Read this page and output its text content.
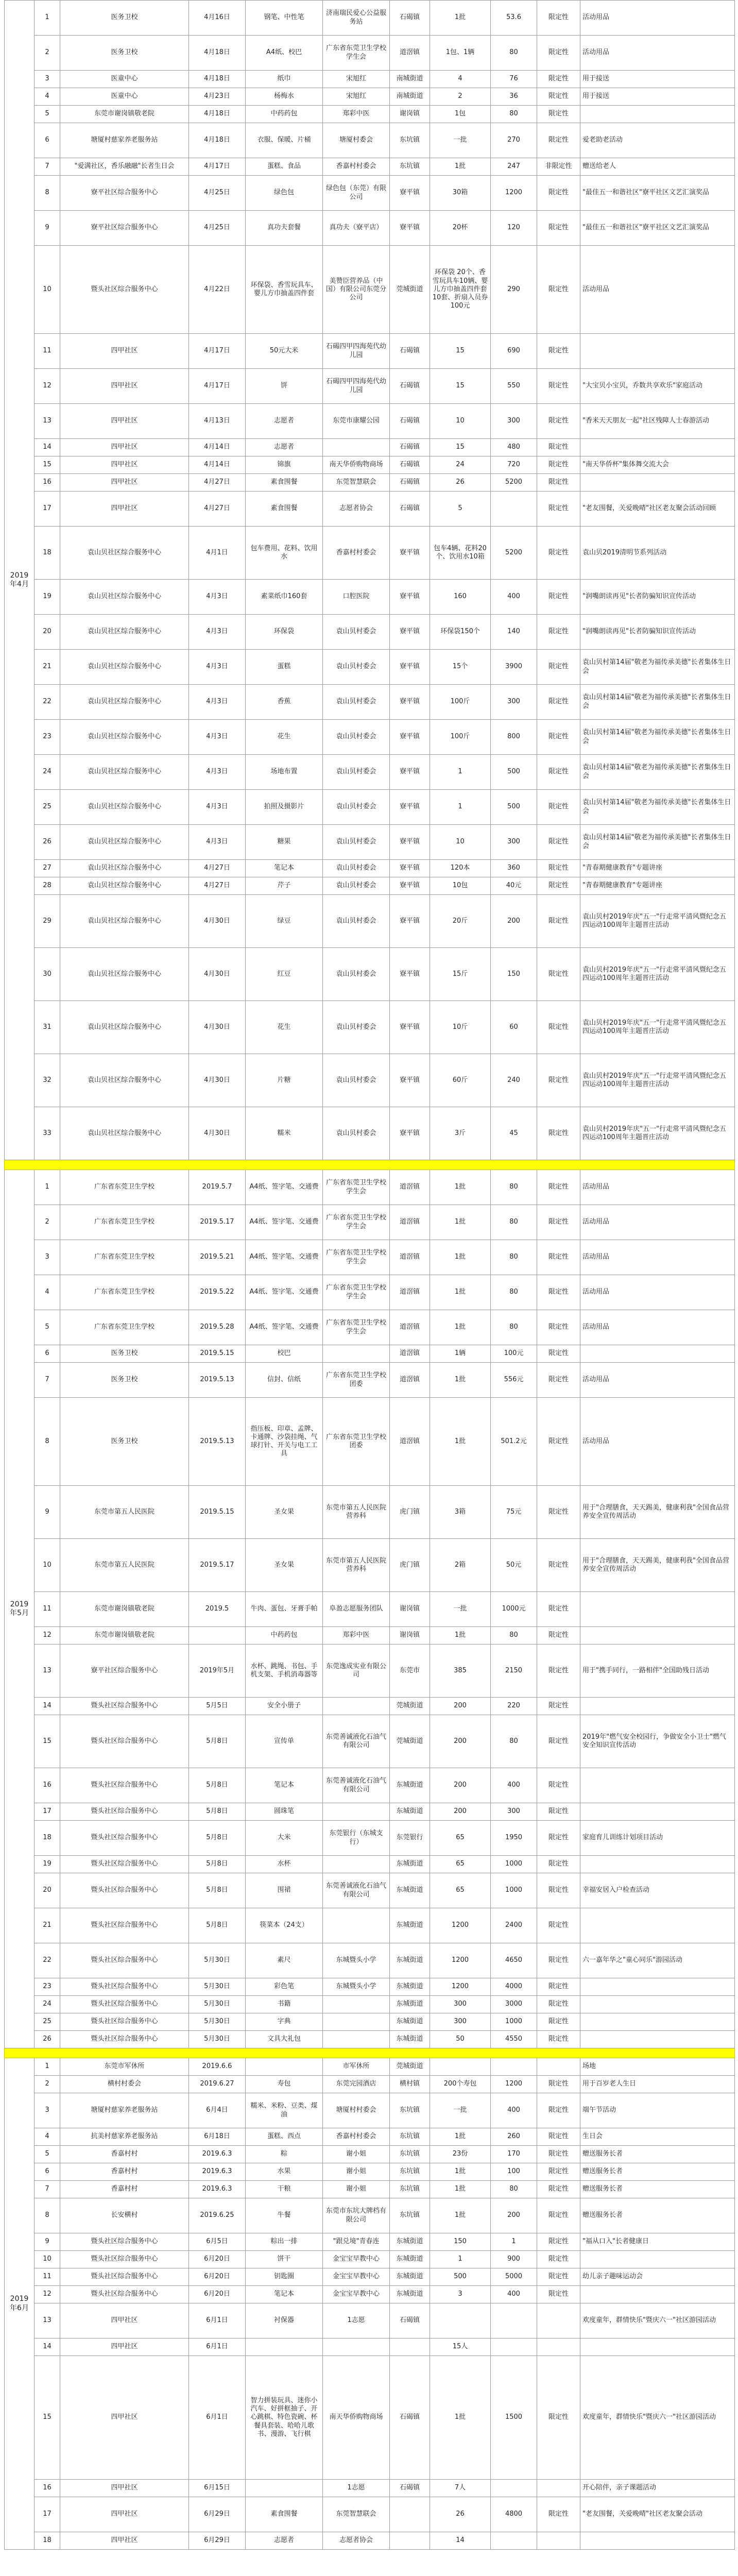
2019年4月	1	医务卫校	4月16日	钢笔、中性笔	济南瑞民爱心公益服务站	石碣镇	1批	53.6	限定性	活动用品
	2	医务卫校	4月18日	A4纸、校巴	广东省东莞卫生学校学生会	道滘镇	1包、1辆	80	限定性	活动用品
	3	医童中心	4月18日	纸巾	宋旭红	南城街道	4	76	限定性	用于接送
	4	医童中心	4月23日	杨梅水	宋旭红	南城街道	2	36	限定性	用于接送
	5	东莞市谢岗镇敬老院	4月18日	中药药包	郑彩中医	谢岗镇	1包	80	限定性	
	6	塘厦村慈家养老服务站	4月18日	衣服、保暖、片桶	塘厦村委会	东坑镇	一批	270	限定性	爱老助老活动
	7	"爱满社区，香乐融融"长者生日会	4月17日	蛋糕、食品	香嘉村村委会	东坑镇	1批	247	非限定性	赠送给老人
	8	寮平社区综合服务中心	4月25日	绿色包	绿色包（东莞）有限公司	寮平镇	30箱	1200	限定性	"最佳五一和谐社区"寮平社区文艺汇演奖品
	9	寮平社区综合服务中心	4月25日	真功夫套餐	真功夫（寮平店）	寮平镇	20杯	120	限定性	"最佳五一和谐社区"寮平社区文艺汇演奖品
	10	暨头社区综合服务中心	4月22日	环保袋、香雪玩具车、婴儿方巾抽盖四件套	美赞臣营养品（中国）有限公司东莞分公司	莞城街道	环保袋 20个、香雪玩具车10辆、婴儿方巾抽盖四件套 10套、折扇入员券100元	290	限定性	活动用品
	11	四甲社区	4月17日	50元大米	石碣四甲四海苑代幼儿园	石碣镇	15	690	限定性	
	12	四甲社区	4月17日	饼	石碣四甲四海苑代幼儿园	石碣镇	15	550	限定性	"大宝贝小宝贝，乔数共享欢乐"家庭活动
	13	四甲社区	4月13日	志愿者	东莞市康耀公园	石碣镇	10	300	限定性	"香米天天朋友一起"社区残障人士春游活动
	14	四甲社区	4月14日	志愿者		石碣镇	15	480	限定性	
	15	四甲社区	4月14日	锦旗	南天华侨购物商场	石碣镇	24	720	限定性	"南天华侨杯"集体舞交流大会
	16	四甲社区	4月27日	素食围餐	东莞智慧联会	石碣镇	26	5200	限定性	
	17	四甲社区	4月27日	素食围餐	志愿者协会	石碣镇	5		限定性	"老友围餐，关爱晚晴"社区老友聚会活动回顾
	18	袁山贝社区综合服务中心	4月1日	包车费用、花料、饮用水	香嘉村村委会	寮平镇	包车4辆、花料20个、饮用水10箱	5200	限定性	袁山贝2019清明节系列活动
	19	袁山贝社区综合服务中心	4月3日	素菜纸巾160套	口腔医院	寮平镇	160	400	限定性	"润嘴朗读再见"长者防骗知识宣传活动
	20	袁山贝社区综合服务中心	4月3日	环保袋	袁山贝村委会	寮平镇	环保袋150个	140	限定性	"润嘴朗读再见"长者防骗知识宣传活动
	21	袁山贝社区综合服务中心	4月3日	蛋糕	袁山贝村委会	寮平镇	15个	3900	限定性	袁山贝村第14届"敬老为福传承美德"长者集体生日会
	22	袁山贝社区综合服务中心	4月3日	香蕉	袁山贝村委会	寮平镇	100斤	300	限定性	袁山贝村第14届"敬老为福传承美德"长者集体生日会
	23	袁山贝社区综合服务中心	4月3日	花生	袁山贝村委会	寮平镇	100斤	800	限定性	袁山贝村第14届"敬老为福传承美德"长者集体生日会
	24	袁山贝社区综合服务中心	4月3日	场地布置	袁山贝村委会	寮平镇	1	500	限定性	袁山贝村第14届"敬老为福传承美德"长者集体生日会
	25	袁山贝社区综合服务中心	4月3日	拍照及摄影片	袁山贝村委会	寮平镇	1	500	限定性	袁山贝村第14届"敬老为福传承美德"长者集体生日会
	26	袁山贝社区综合服务中心	4月3日	糖果	袁山贝村委会	寮平镇	10	300	限定性	袁山贝村第14届"敬老为福传承美德"长者集体生日会
	27	袁山贝社区综合服务中心	4月27日	笔记本	袁山贝村委会	寮平镇	120本	360	限定性	"青春期健康教育"专题讲座
	28	袁山贝社区综合服务中心	4月27日	芹子	袁山贝村委会	寮平镇	10包	40元	限定性	"青春期健康教育"专题讲座
	29	袁山贝社区综合服务中心	4月30日	绿豆	袁山贝村委会	寮平镇	20斤	200	限定性	袁山贝村2019年庆"五一"行走常平清风暨纪念五四运动100周年主题晋庄活动
	30	袁山贝社区综合服务中心	4月30日	红豆	袁山贝村委会	寮平镇	15斤	150	限定性	袁山贝村2019年庆"五一"行走常平清风暨纪念五四运动100周年主题晋庄活动
	31	袁山贝社区综合服务中心	4月30日	花生	袁山贝村委会	寮平镇	10斤	60	限定性	袁山贝村2019年庆"五一"行走常平清风暨纪念五四运动100周年主题晋庄活动
	32	袁山贝社区综合服务中心	4月30日	片糖	袁山贝村委会	寮平镇	60斤	240	限定性	袁山贝村2019年庆"五一"行走常平清风暨纪念五四运动100周年主题晋庄活动
	33	袁山贝社区综合服务中心	4月30日	糯米	袁山贝村委会	寮平镇	3斤	45	限定性	袁山贝村2019年庆"五一"行走常平清风暨纪念五四运动100周年主题晋庄活动

2019年5月	1	广东省东莞卫生学校	2019.5.7	A4纸、签字笔、交通费	广东省东莞卫生学校学生会	道滘镇	1批	80	限定性	活动用品
	2	广东省东莞卫生学校	2019.5.17	A4纸、签字笔、交通费	广东省东莞卫生学校学生会	道滘镇	1批	80	限定性	活动用品
	3	广东省东莞卫生学校	2019.5.21	A4纸、签字笔、交通费	广东省东莞卫生学校学生会	道滘镇	1批	80	限定性	活动用品
	4	广东省东莞卫生学校	2019.5.22	A4纸、签字笔、交通费	广东省东莞卫生学校学生会	道滘镇	1批	80	限定性	活动用品
	5	广东省东莞卫生学校	2019.5.28	A4纸、签字笔、交通费	广东省东莞卫生学校学生会	道滘镇	1批	80	限定性	活动用品
	6	医务卫校	2019.5.15	校巴		道滘镇	1辆	100元	限定性	
	7	医务卫校	2019.5.13	信封、信纸	广东省东莞卫生学校团委	道滘镇	1批	556元	限定性	活动用品
	8	医务卫校	2019.5.13	指压板、印章、孟牌、卡通牌、沙袋挂绳、气球打针、开关与电工工具	广东省东莞卫生学校团委	道滘镇	1批	501.2元	限定性	活动用品
	9	东莞市第五人民医院	2019.5.15	圣女果	东莞市第五人民医院营养科	虎门镇	3箱	75元	限定性	用于"合理膳食，天天踢美，健康利我"全国食品营养安全宣传周活动
	10	东莞市第五人民医院	2019.5.17	圣女果	东莞市第五人民医院营养科	虎门镇	2箱	50元	限定性	用于"合理膳食，天天踢美，健康利我"全国食品营养安全宣传周活动
	11	东莞市谢岗镇敬老院	2019.5	牛肉、蛋包、牙膏手帕	阜盈志愿服务团队	谢岗镇	一批	1000元	限定性	
	12	东莞市谢岗镇敬老院		中药药包	郑彩中医	谢岗镇	1批	80	限定性	
	13	寮平社区综合服务中心	2019年5月	水杯、跳绳、书包、手机支架、手机消毒器等	东莞逸成实业有限公司	东莞市	385	2150	限定性	用于"携手同行，一路相伴"全国助残日活动
	14	暨头社区综合服务中心	5月5日	安全小册子		莞城街道	200	220	限定性	
	15	暨头社区综合服务中心	5月8日	宣传单	东莞善诚液化石油气有限公司	莞城街道	200	80	限定性	2019年"燃气安全校园行，争做安全小卫士"燃气安全知识宣传活动
	16	暨头社区综合服务中心	5月8日	笔记本	东莞善诚液化石油气有限公司	东城街道	200	400	限定性	
	17	暨头社区综合服务中心	5月8日	圆珠笔		东城街道	200	300	限定性	
	18	暨头社区综合服务中心	5月8日	大米	东莞银行（东城支行）	东莞银行	65	1950	限定性	家庭育儿训练计划项目活动
	19	暨头社区综合服务中心	5月8日	水杯		东城街道	65	1000	限定性	
	20	暨头社区综合服务中心	5月8日	围裙	东莞善诚液化石油气有限公司	东城街道	65	1000	限定性	幸福安居入户检查活动
	21	暨头社区综合服务中心	5月8日	筷菜本（24支）		东城街道	1200	2400	限定性	
	22	暨头社区综合服务中心	5月30日	素尺	东城暨头小学	东城街道	1200	4650	限定性	六一嘉年华之"童心同乐"游园活动
	23	暨头社区综合服务中心	5月30日	彩色笔	东城暨头小学	东城街道	1200	4000	限定性	
	24	暨头社区综合服务中心	5月30日	书籍		东城街道	300	3000	限定性	
	25	暨头社区综合服务中心	5月30日	字典		东城街道	300	1000	限定性	
	26	暨头社区综合服务中心	5月30日	文具大礼包		东城街道	50	4550	限定性	

2019年6月	1	东莞市军休所	2019.6.6		市军休所	莞城街道				场地
	2	横村村委会	2019.6.27	寿包	东莞完园酒店	横村镇	200个寿包	1200	限定性	用于百岁老人生日
	3	塘厦村慈家养老服务站	6月4日	糯米、米粉、豆类、煤油	塘厦村村委会	东坑镇	一批	400	限定性	端午节活动
	4	抗美村慈家养老服务站	6月18日	蛋糕、西点	香嘉村村委会	东坑镇	1批	260	限定性	生日会
	5	香嘉村村	2019.6.3	粽	谢小姐	东坑镇	23份	170	限定性	赠送服务长者
	6	香嘉村村	2019.6.3	水果	谢小姐	东坑镇	1批	100	限定性	赠送服务长者
	7	香嘉村村	2019.6.3	干粮	谢小姐	东坑镇	1批	80	限定性	赠送服务长者
	8	长安横村	2019.6.25	牛餐	东莞市东坑大牌档有限公司	东坑镇	1批	200	限定性	赠送服务长者
	9	暨头社区综合服务中心	6月5日	粽出一排	"跟兑境"青春连	东城街道	150	1	限定性	"福从口入"长者健康日
	10	暨头社区综合服务中心	6月20日	饼干	金宝宝早教中心	东城街道	1	900	限定性	
	11	暨头社区综合服务中心	6月20日	钥匙圈	金宝宝早教中心	东城街道	500	5000	限定性	幼儿亲子趣味运动会
	12	暨头社区综合服务中心	6月20日	笔记本	金宝宝早教中心	东城街道	3	400	限定性	
	13	四甲社区	6月1日	衬保器	1志愿	石碣镇				欢度童年，群情快乐"暨庆六一"社区游园活动
	14	四甲社区	6月1日				15人			
	15	四甲社区	6月1日	智力拼装玩具、迷你小汽车、好拼框抽子、开心跳棋、特色瓷碗、杯餐具套装、哈哈儿歌书、漫游、飞行棋	南天华侨购物商场	石碣镇	1批	1500	限定性	欢度童年，群情快乐"暨庆六一"社区游园活动
	16	四甲社区	6月15日		1志愿	石碣镇	7人			开心陪伴，亲子课题活动
	17	四甲社区	6月29日	素食围餐	东莞智慧联会		26	4800	限定性	"老友围餐，关爱晚晴"社区老友聚会活动
	18	四甲社区	6月29日	志愿者	志愿者协会		14			
